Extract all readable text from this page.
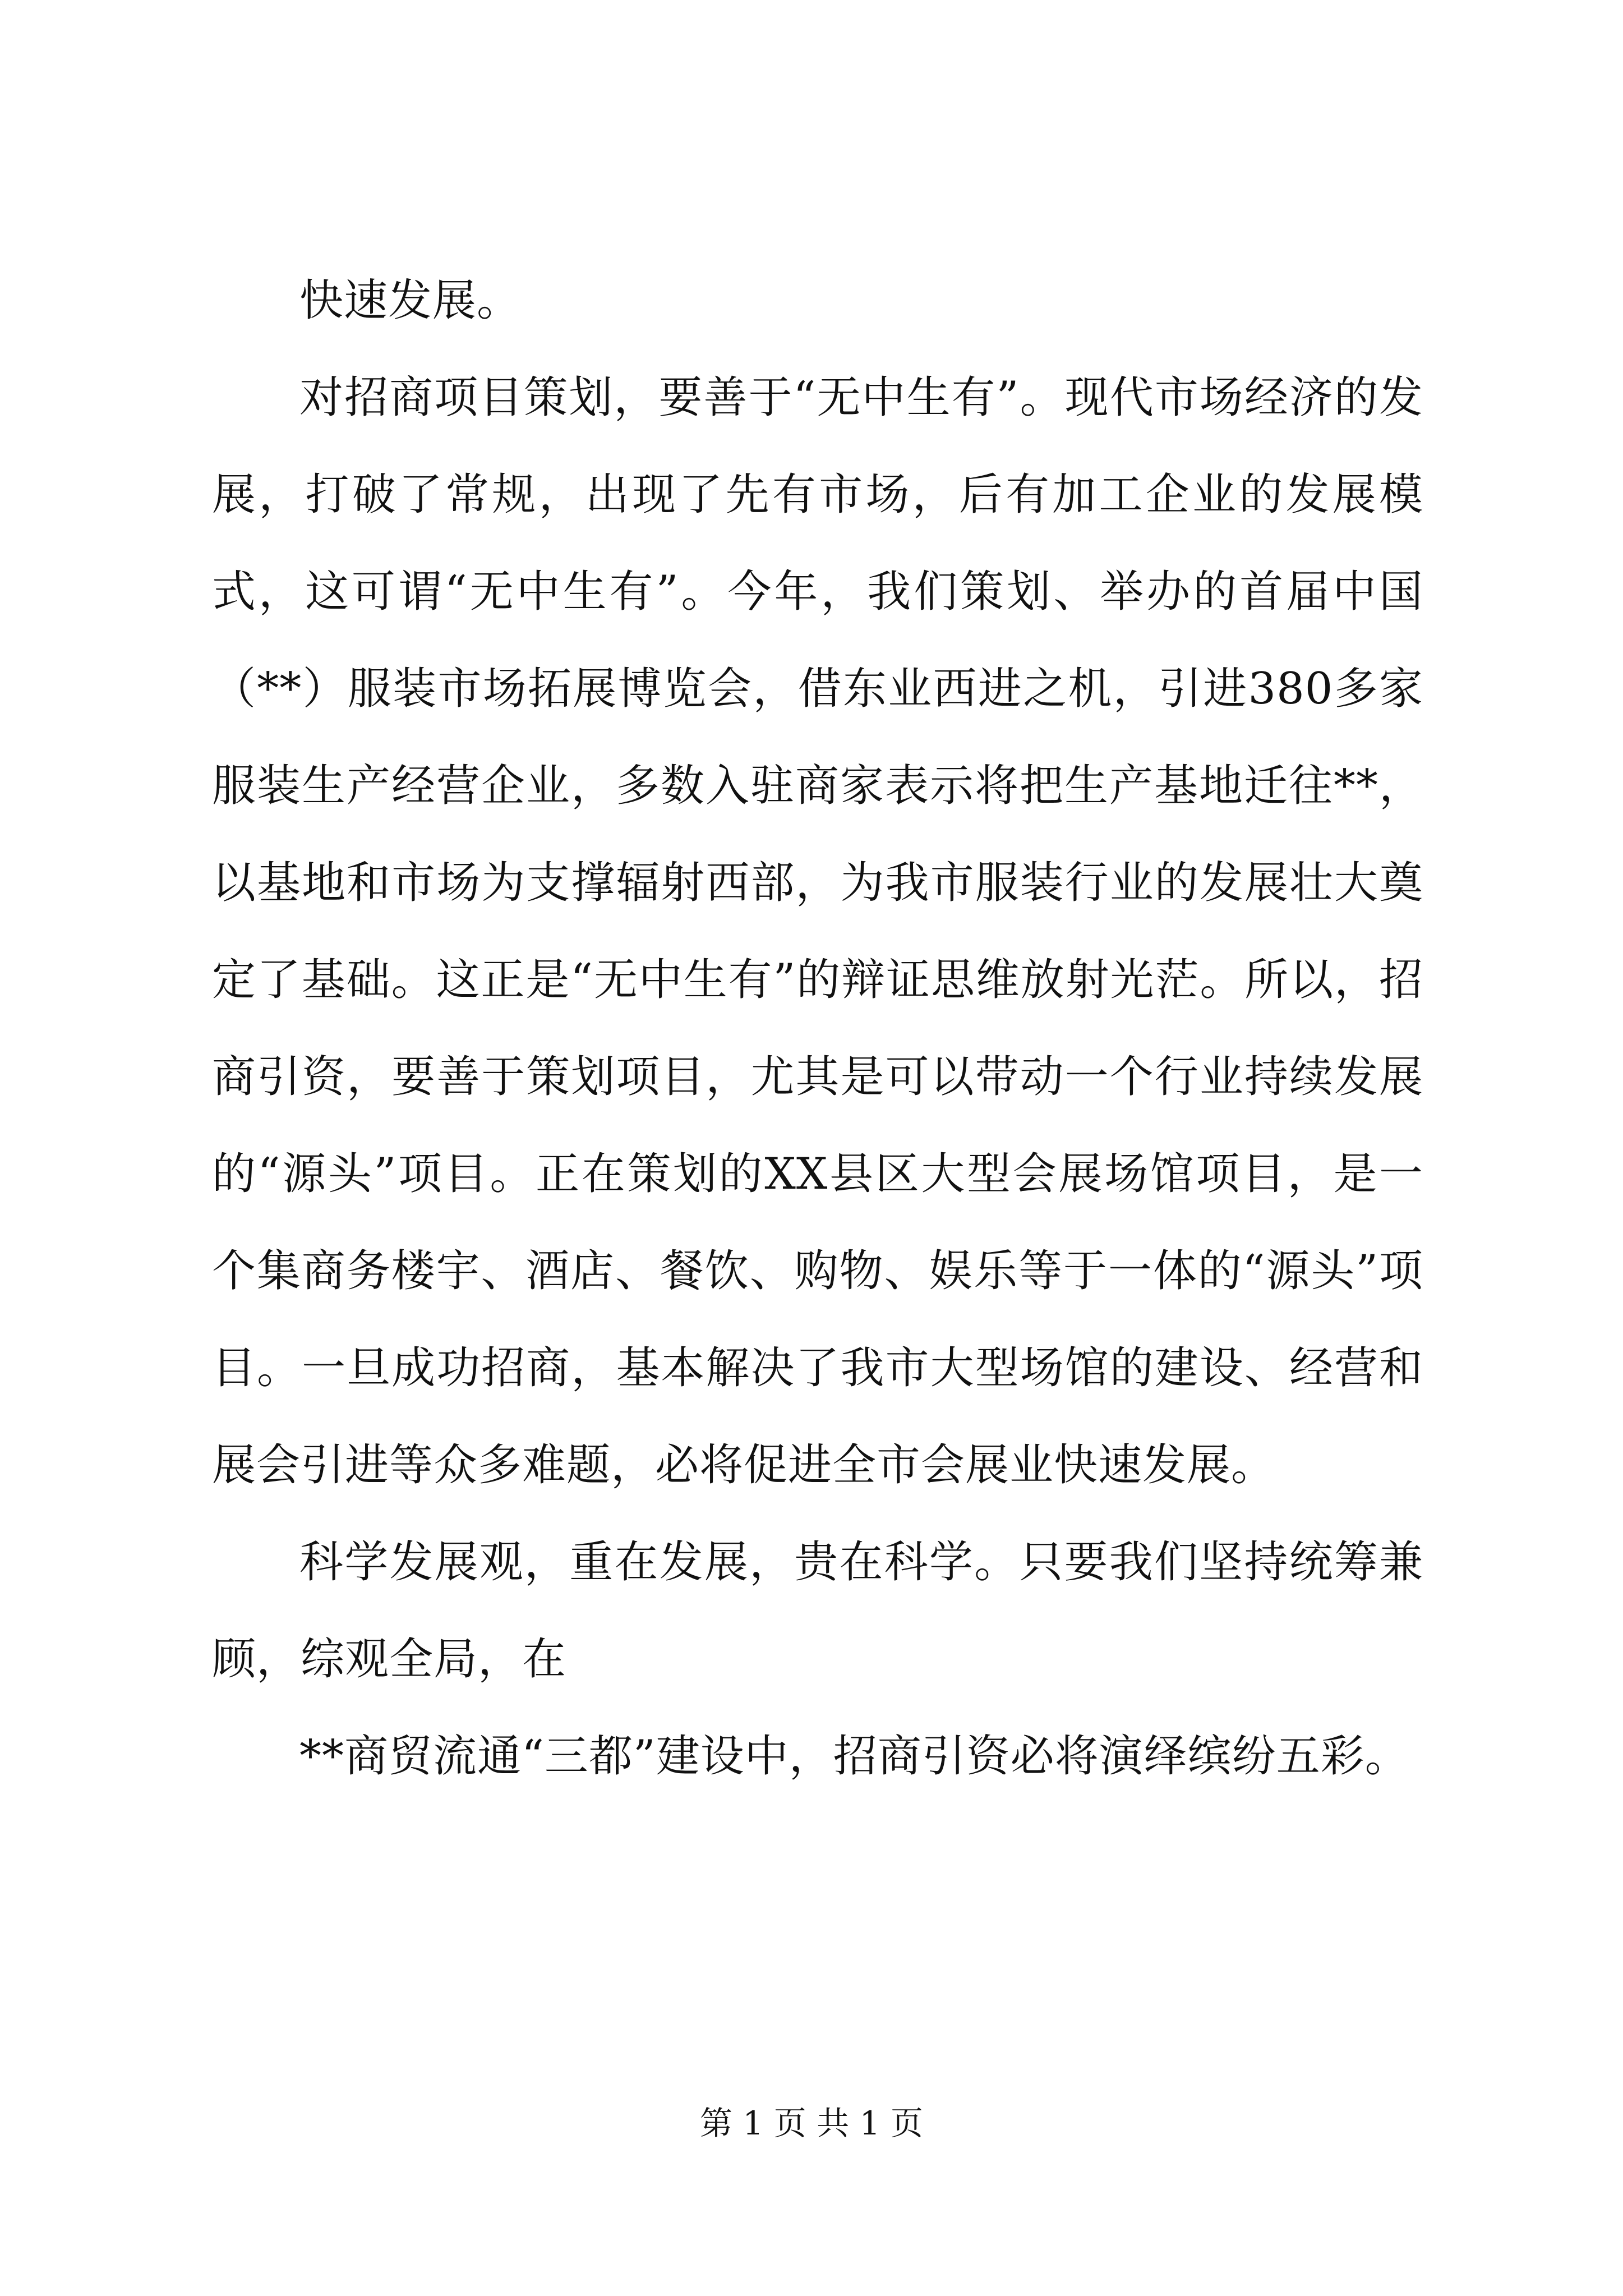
快速发展。

对招商项目策划，要善于“无中生有”。现代市场经济的发展，打破了常规，出现了先有市场，后有加工企业的发展模式，这可谓“无中生有”。今年，我们策划、举办的首届中国（**）服装市场拓展博览会，借东业西进之机，引进380多家服装生产经营企业，多数入驻商家表示将把生产基地迁往**，以基地和市场为支撑辐射西部，为我市服装行业的发展壮大奠定了基础。这正是“无中生有”的辩证思维放射光茫。所以，招商引资，要善于策划项目，尤其是可以带动一个行业持续发展的“源头”项目。正在策划的XX县区大型会展场馆项目，是一个集商务楼宇、酒店、餐饮、购物、娱乐等于一体的“源头”项目。一旦成功招商，基本解决了我市大型场馆的建设、经营和展会引进等众多难题，必将促进全市会展业快速发展。

科学发展观，重在发展，贵在科学。只要我们坚持统筹兼顾，综观全局，在

**商贸流通“三都”建设中，招商引资必将演绎缤纷五彩。

第 1 页 共 1 页
